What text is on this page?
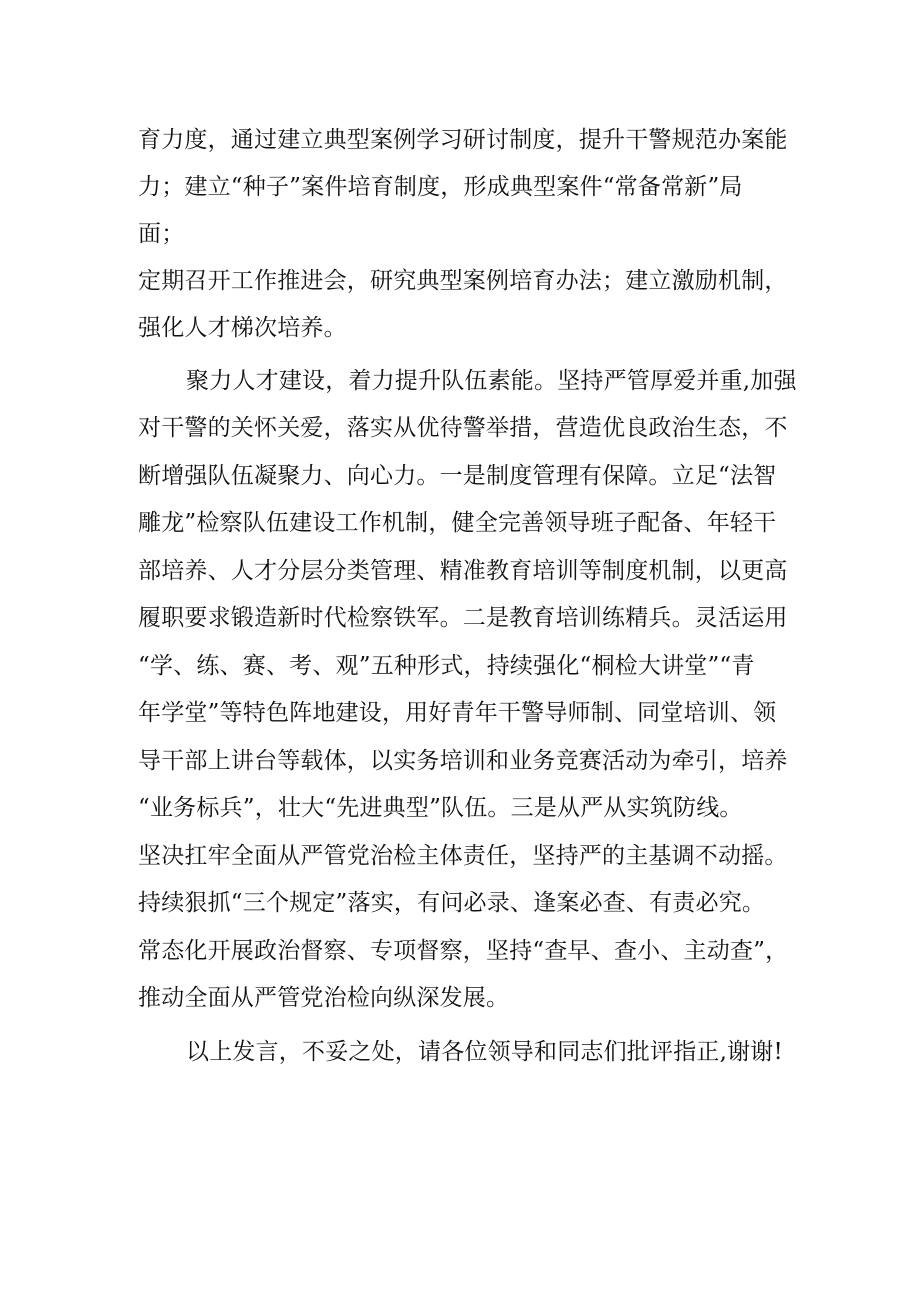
育力度，通过建立典型案例学习研讨制度，提升干警规范办案能
力；建立“种子”案件培育制度，形成典型案件“常备常新”局
面；
定期召开工作推进会，研究典型案例培育办法；建立激励机制，
强化人才梯次培养。
聚力人才建设，着力提升队伍素能。坚持严管厚爱并重,加强
对干警的关怀关爱，落实从优待警举措，营造优良政治生态，不
断增强队伍凝聚力、向心力。一是制度管理有保障。立足“法智
雕龙”检察队伍建设工作机制，健全完善领导班子配备、年轻干
部培养、人才分层分类管理、精准教育培训等制度机制，以更高
履职要求锻造新时代检察铁军。二是教育培训练精兵。灵活运用
“学、练、赛、考、观”五种形式，持续强化“桐检大讲堂”“青
年学堂”等特色阵地建设，用好青年干警导师制、同堂培训、领
导干部上讲台等载体，以实务培训和业务竞赛活动为牵引，培养
“业务标兵”，壮大“先进典型”队伍。三是从严从实筑防线。
坚决扛牢全面从严管党治检主体责任，坚持严的主基调不动摇。
持续狠抓“三个规定”落实，有问必录、逢案必查、有责必究。
常态化开展政治督察、专项督察，坚持“查早、查小、主动查”，
推动全面从严管党治检向纵深发展。
以上发言，不妥之处，请各位领导和同志们批评指正,谢谢!
